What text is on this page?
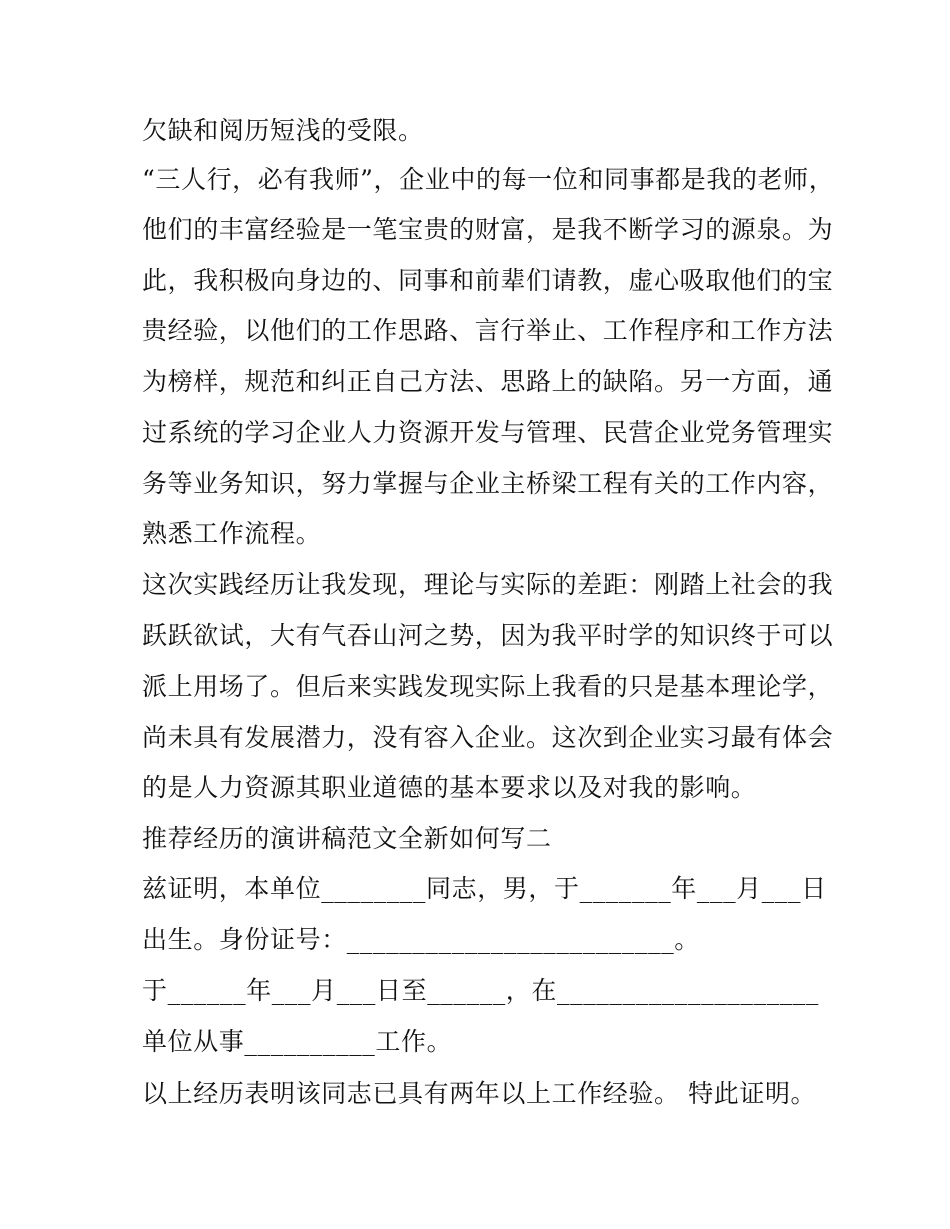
欠缺和阅历短浅的受限。
“三人行，必有我师”，企业中的每一位和同事都是我的老师，
他们的丰富经验是一笔宝贵的财富，是我不断学习的源泉。为
此，我积极向身边的、同事和前辈们请教，虚心吸取他们的宝
贵经验，以他们的工作思路、言行举止、工作程序和工作方法
为榜样，规范和纠正自己方法、思路上的缺陷。另一方面，通
过系统的学习企业人力资源开发与管理、民营企业党务管理实
务等业务知识，努力掌握与企业主桥梁工程有关的工作内容，
熟悉工作流程。
这次实践经历让我发现，理论与实际的差距：刚踏上社会的我
跃跃欲试，大有气吞山河之势，因为我平时学的知识终于可以
派上用场了。但后来实践发现实际上我看的只是基本理论学，
尚未具有发展潜力，没有容入企业。这次到企业实习最有体会
的是人力资源其职业道德的基本要求以及对我的影响。
推荐经历的演讲稿范文全新如何写二
兹证明，本单位________同志，男，于_______年___月___日
出生。身份证号：_________________________。
于______年___月___日至______，在____________________
单位从事__________工作。
以上经历表明该同志已具有两年以上工作经验。 特此证明。
